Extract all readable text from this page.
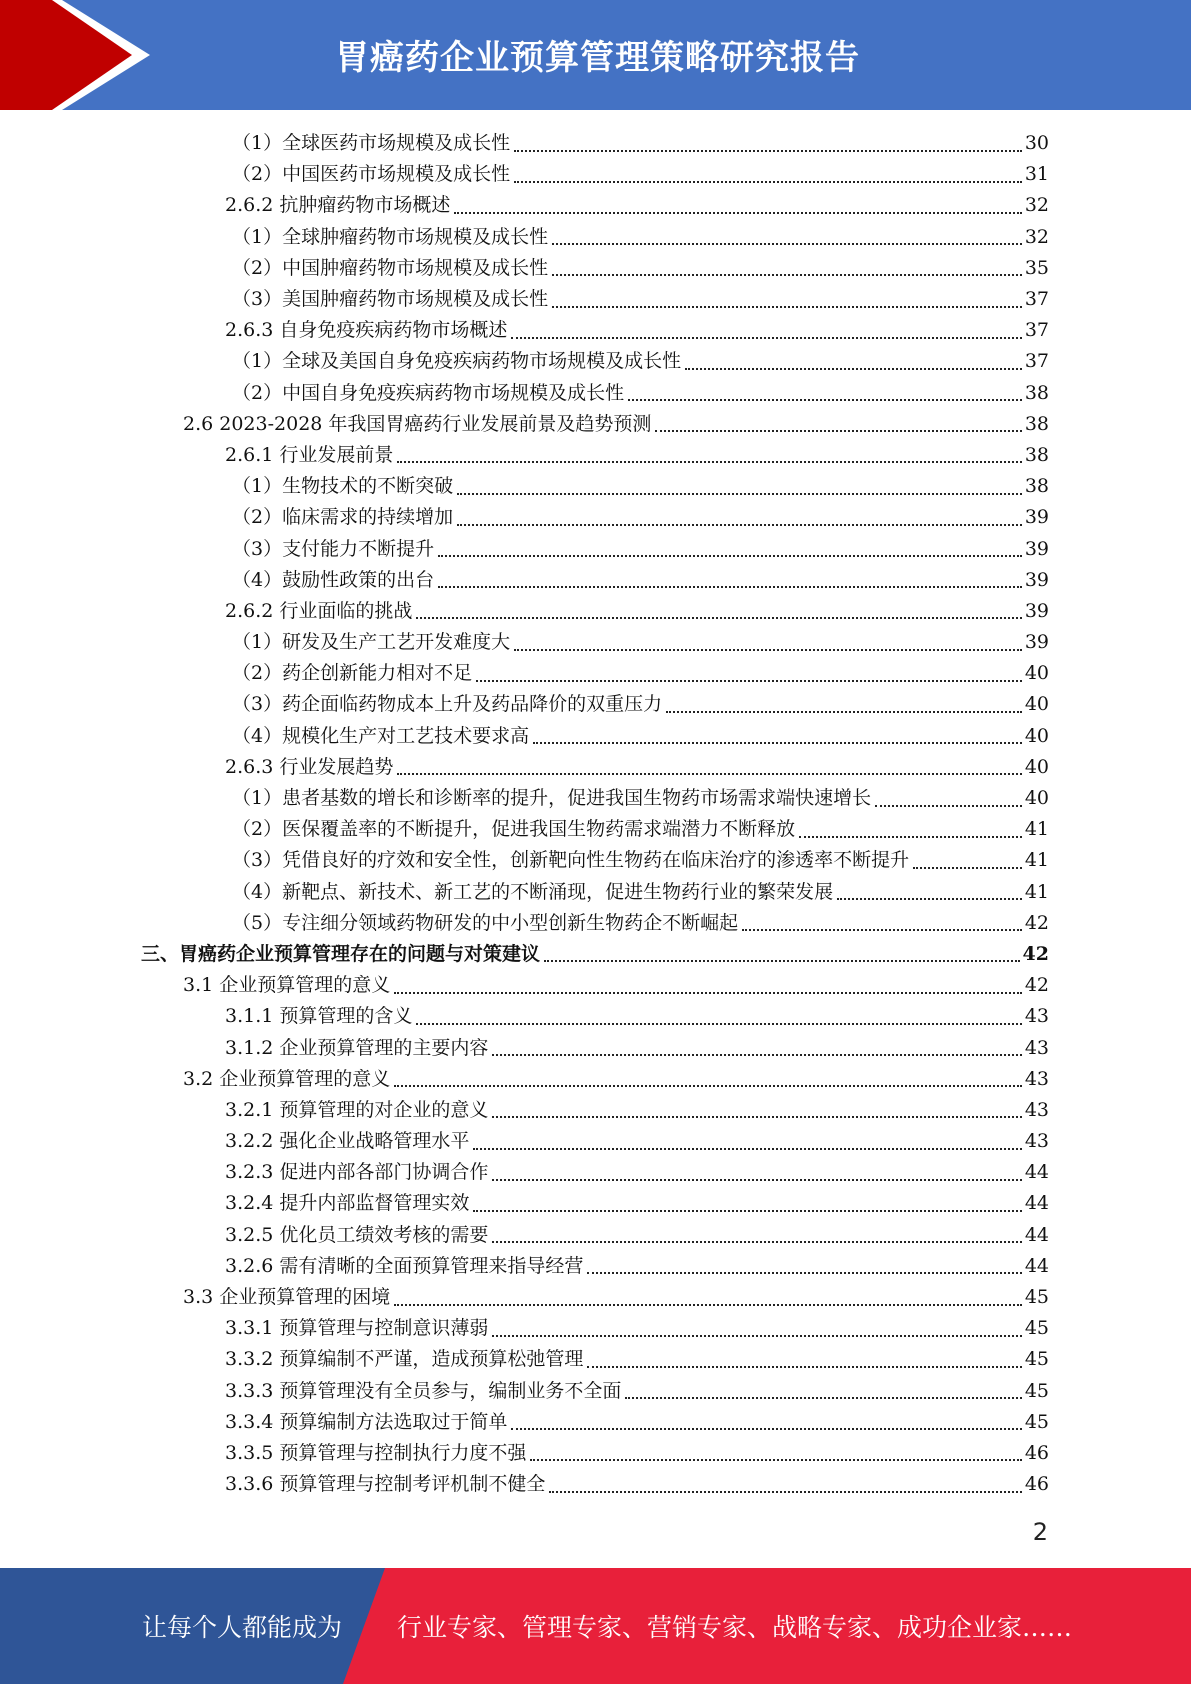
胃癌药企业预算管理策略研究报告
（1）全球医药市场规模及成长性	30
（2）中国医药市场规模及成长性	31
2.6.2 抗肿瘤药物市场概述	32
（1）全球肿瘤药物市场规模及成长性	32
（2）中国肿瘤药物市场规模及成长性	35
（3）美国肿瘤药物市场规模及成长性	37
2.6.3 自身免疫疾病药物市场概述	37
（1）全球及美国自身免疫疾病药物市场规模及成长性	37
（2）中国自身免疫疾病药物市场规模及成长性	38
2.6 2023-2028 年我国胃癌药行业发展前景及趋势预测	38
2.6.1 行业发展前景	38
（1）生物技术的不断突破	38
（2）临床需求的持续增加	39
（3）支付能力不断提升	39
（4）鼓励性政策的出台	39
2.6.2 行业面临的挑战	39
（1）研发及生产工艺开发难度大	39
（2）药企创新能力相对不足	40
（3）药企面临药物成本上升及药品降价的双重压力	40
（4）规模化生产对工艺技术要求高	40
2.6.3 行业发展趋势	40
（1）患者基数的增长和诊断率的提升，促进我国生物药市场需求端快速增长	40
（2）医保覆盖率的不断提升，促进我国生物药需求端潜力不断释放	41
（3）凭借良好的疗效和安全性，创新靶向性生物药在临床治疗的渗透率不断提升	41
（4）新靶点、新技术、新工艺的不断涌现，促进生物药行业的繁荣发展	41
（5）专注细分领域药物研发的中小型创新生物药企不断崛起	42
三、胃癌药企业预算管理存在的问题与对策建议	42
3.1 企业预算管理的意义	42
3.1.1 预算管理的含义	43
3.1.2 企业预算管理的主要内容	43
3.2 企业预算管理的意义	43
3.2.1 预算管理的对企业的意义	43
3.2.2 强化企业战略管理水平	43
3.2.3 促进内部各部门协调合作	44
3.2.4 提升内部监督管理实效	44
3.2.5 优化员工绩效考核的需要	44
3.2.6 需有清晰的全面预算管理来指导经营	44
3.3 企业预算管理的困境	45
3.3.1 预算管理与控制意识薄弱	45
3.3.2 预算编制不严谨，造成预算松弛管理	45
3.3.3 预算管理没有全员参与，编制业务不全面	45
3.3.4 预算编制方法选取过于简单	45
3.3.5 预算管理与控制执行力度不强	46
3.3.6 预算管理与控制考评机制不健全	46
2
让每个人都能成为 行业专家、管理专家、营销专家、战略专家、成功企业家……
